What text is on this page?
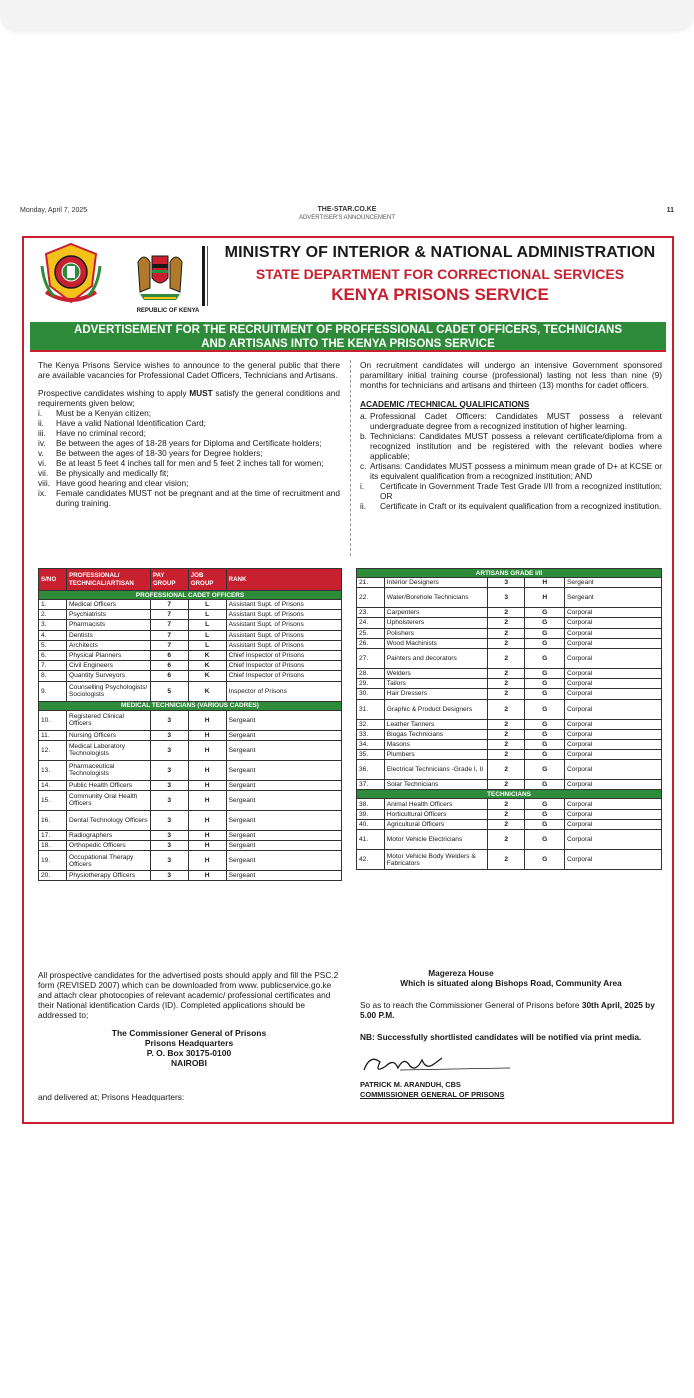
Monday, April 7, 2025	THE-STAR.CO.KE
ADVERTISER'S ANNOUNCEMENT
11
REPUBLIC OF KENYA
MINISTRY OF INTERIOR & NATIONAL ADMINISTRATION
STATE DEPARTMENT FOR CORRECTIONAL SERVICES
KENYA PRISONS SERVICE
ADVERTISEMENT FOR THE RECRUITMENT OF PROFFESSIONAL CADET OFFICERS, TECHNICIANS
AND ARTISANS INTO THE KENYA PRISONS SERVICE
The Kenya Prisons Service wishes to announce to the general public that there are available vacancies for Professional Cadet Officers, Technicians and Artisans.
Prospective candidates wishing to apply MUST satisfy the general conditions and requirements given below;
i.	Must be a Kenyan citizen;
ii.	Have a valid National Identification Card;
iii.	Have no criminal record;
iv.	Be between the ages of 18-28 years for Diploma and Certificate holders;
v.	Be between the ages of 18-30 years for Degree holders;
vi.	Be at least 5 feet 4 inches tall for men and 5 feet 2 inches tall for women;
vii. Be physically and medically fit;
viii. Have good hearing and clear vision;
ix.	Female candidates MUST not be pregnant and at the time of recruitment and during training.
On recruitment candidates will undergo an intensive Government sponsored paramilitary initial training course (professional) lasting not less than nine (9) months for technicians and artisans and thirteen (13) months for cadet officers.
ACADEMIC /TECHNICAL QUALIFICATIONS
a. Professional Cadet Officers: Candidates MUST possess a relevant undergraduate degree from a recognized institution of higher learning.
b. Technicians: Candidates MUST possess a relevant certificate/diploma from a recognized institution and be registered with the relevant bodies where applicable;
c. Artisans: Candidates MUST possess a minimum mean grade of D+ at KCSE or its equivalent qualification from a recognized institution; AND
i.	Certificate in Government Trade Test Grade I/II from a recognized institution; OR
ii.	Certificate in Craft or its equivalent qualification from a recognized institution.
S/NO	PROFESSIONAL/ TECHNICAL/ARTISAN	PAY GROUP	JOB GROUP	RANK
PROFESSIONAL CADET OFFICERS				
1.	Medical Officers	7	L	Assistant Supt. of Prisons
2.	Psychiatrists	7	L	Assistant Supt. of Prisons
3.	Pharmacists	7	L	Assistant Supt. of Prisons
4.	Dentists	7	L	Assistant Supt. of Prisons
5.	Architects	7	L	Assistant Supt. of Prisons
6.	Physical Planners	6	K	Chief Inspector of Prisons
7.	Civil Engineers	6	K	Chief Inspector of Prisons
8.	Quantity Surveyors	6	K	Chief Inspector of Prisons
9.	Counselling Psychologists/ Sociologists	5	K	Inspector of Prisons
MEDICAL TECHNICIANS (VARIOUS CADRES)				
10.	Registered Clinical Officers	3	H	Sergeant
11.	Nursing Officers	3	H	Sergeant
12.	Medical Laboratory Technologists	3	H	Sergeant
13.	Pharmaceutical Technologists	3	H	Sergeant
14.	Public Health Officers	3	H	Sergeant
15.	Community Oral Health Officers	3	H	Sergeant
16.	Dental Technology Officers	3	H	Sergeant
17.	Radiographers	3	H	Sergeant
18.	Orthopedic Officers	3	H	Sergeant
19.	Occupational Therapy Officers	3	H	Sergeant
20.	Physiotherapy Officers	3	H	Sergeant
ARTISANS GRADE I/II				
21.	Interior Designers	3	H	Sergeant
22.	Water/Borehole Technicians	3	H	Sergeant
23.	Carpenters	2	G	Corporal
24.	Upholsterers	2	G	Corporal
25.	Polishers	2	G	Corporal
26.	Wood Machinists	2	G	Corporal
27.	Painters and decorators	2	G	Corporal
28.	Welders	2	G	Corporal
29.	Tailors	2	G	Corporal
30.	Hair Dressers	2	G	Corporal
31.	Graphic & Product Designers	2	G	Corporal
32.	Leather Tanners	2	G	Corporal
33.	Biogas Technicians	2	G	Corporal
34.	Masons	2	G	Corporal
35.	Plumbers	2	G	Corporal
36.	Electrical Technicians -Grade I, II	2	G	Corporal
37.	Solar Technicians	2	G	Corporal
TECHNICIANS				
38.	Animal Health Officers	2	G	Corporal
39.	Horticultural Officers	2	G	Corporal
40.	Agricultural Officers	2	G	Corporal
41.	Motor Vehicle Electricians	2	G	Corporal
42.	Motor Vehicle Body Welders & Fabricators	2	G	Corporal
All prospective candidates for the advertised posts should apply and fill the PSC.2 form (REVISED 2007) which can be downloaded from www. publicservice.go.ke and attach clear photocopies of relevant academic/ professional certificates and their National identification Cards (ID). Completed applications should be addressed to;
The Commissioner General of Prisons
Prisons Headquarters
P. O. Box 30175-0100
NAIROBI
and delivered at; Prisons Headquarters:
Magereza House
Which is situated along Bishops Road, Community Area
So as to reach the Commissioner General of Prisons before 30th April, 2025 by 5.00 P.M.
NB: Successfully shortlisted candidates will be notified via print media.
PATRICK M. ARANDUH, CBS
COMMISSIONER GENERAL OF PRISONS
